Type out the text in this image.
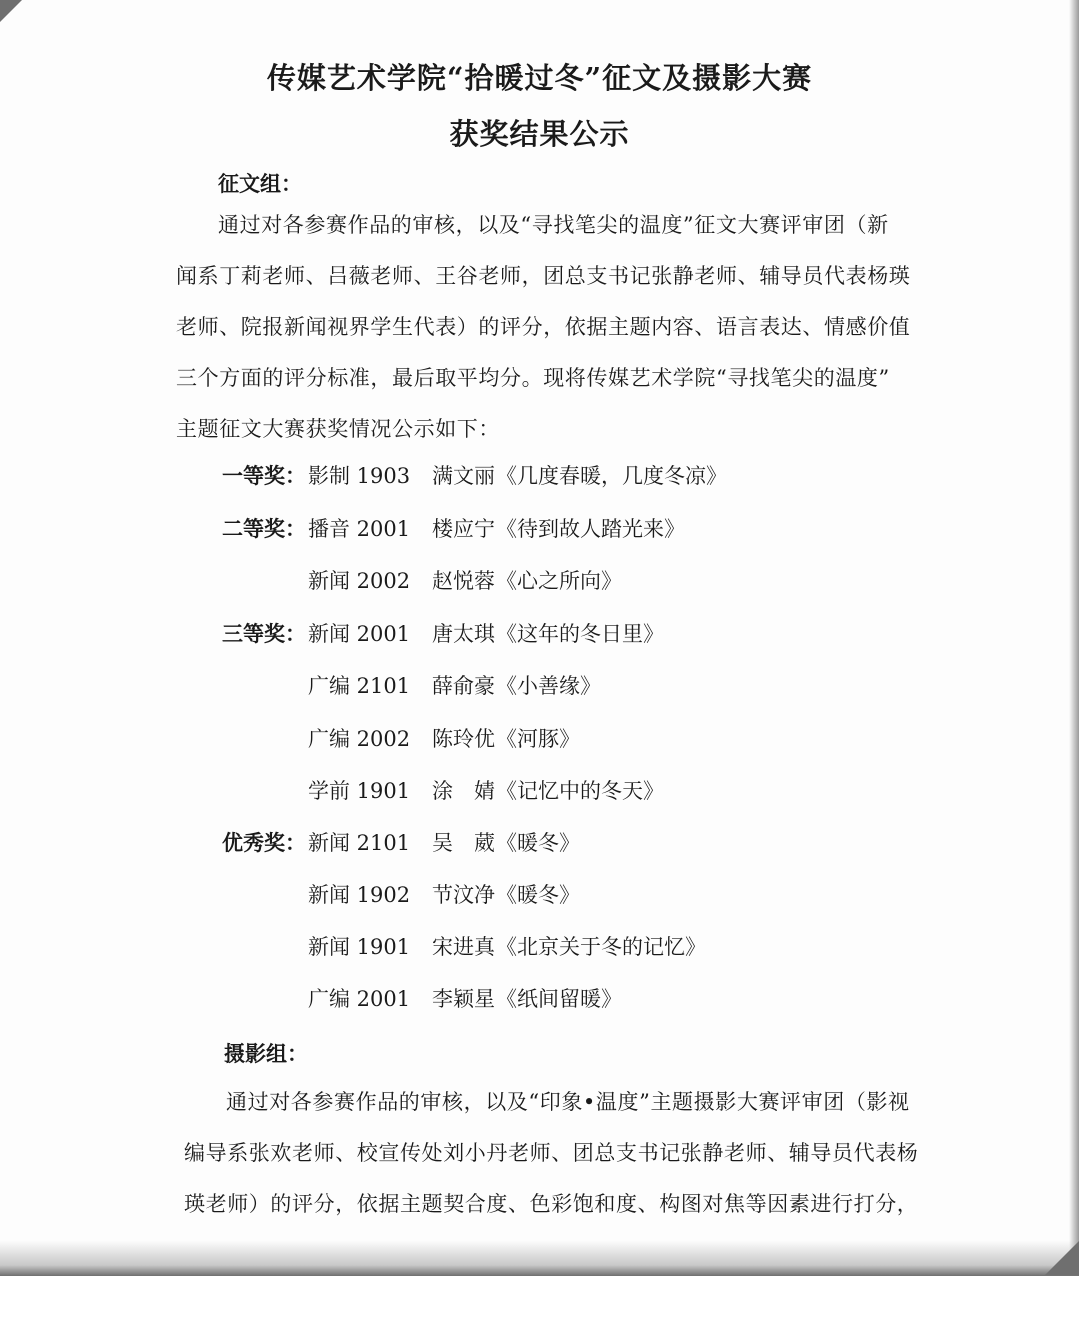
传媒艺术学院“拾暖过冬”征文及摄影大赛
获奖结果公示
征文组：
通过对各参赛作品的审核，以及“寻找笔尖的温度”征文大赛评审团（新
闻系丁莉老师、吕薇老师、王谷老师，团总支书记张静老师、辅导员代表杨瑛
老师、院报新闻视界学生代表）的评分，依据主题内容、语言表达、情感价值
三个方面的评分标准，最后取平均分。现将传媒艺术学院“寻找笔尖的温度”
主题征文大赛获奖情况公示如下：
一等奖： 影制 1903 满文丽 《几度春暖，几度冬凉》
二等奖： 播音 2001 楼应宁 《待到故人踏光来》
新闻 2002 赵悦蓉 《心之所向》
三等奖： 新闻 2001 唐太琪 《这年的冬日里》
广编 2101 薛俞豪 《小善缘》
广编 2002 陈玲优 《河豚》
学前 1901 涂　婧 《记忆中的冬天》
优秀奖： 新闻 2101 吴　葳 《暖冬》
新闻 1902 节汶净 《暖冬》
新闻 1901 宋进真 《北京关于冬的记忆》
广编 2001 李颖星 《纸间留暖》
摄影组：
通过对各参赛作品的审核，以及“印象•温度”主题摄影大赛评审团（影视
编导系张欢老师、校宣传处刘小丹老师、团总支书记张静老师、辅导员代表杨
瑛老师）的评分，依据主题契合度、色彩饱和度、构图对焦等因素进行打分，
